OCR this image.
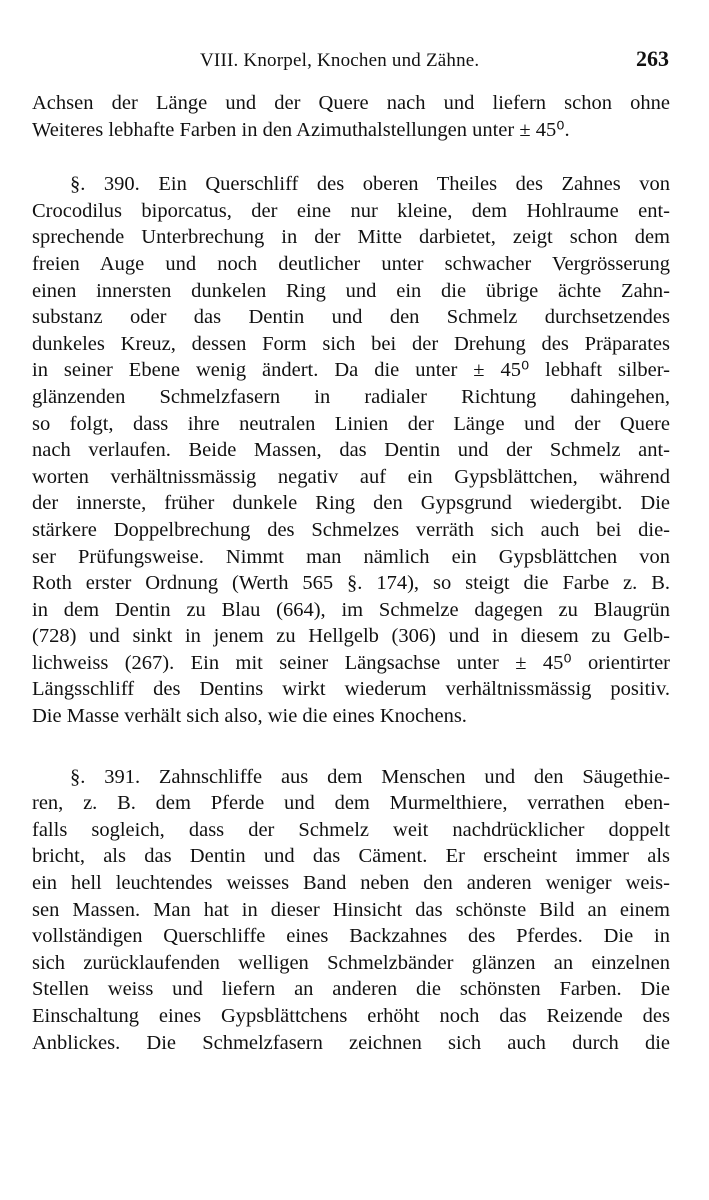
VIII. Knorpel, Knochen und Zähne.	263
Achsen der Länge und der Quere nach und liefern schon ohne
Weiteres lebhafte Farben in den Azimuthalstellungen unter ± 45⁰.
§. 390. Ein Querschliff des oberen Theiles des Zahnes von
Crocodilus biporcatus, der eine nur kleine, dem Hohlraume ent-
sprechende Unterbrechung in der Mitte darbietet, zeigt schon dem
freien Auge und noch deutlicher unter schwacher Vergrösserung
einen innersten dunkelen Ring und ein die übrige ächte Zahn-
substanz oder das Dentin und den Schmelz durchsetzendes
dunkeles Kreuz, dessen Form sich bei der Drehung des Präparates
in seiner Ebene wenig ändert. Da die unter ± 45⁰ lebhaft silber-
glänzenden Schmelzfasern in radialer Richtung dahingehen,
so folgt, dass ihre neutralen Linien der Länge und der Quere
nach verlaufen. Beide Massen, das Dentin und der Schmelz ant-
worten verhältnissmässig negativ auf ein Gypsblättchen, während
der innerste, früher dunkele Ring den Gypsgrund wiedergibt. Die
stärkere Doppelbrechung des Schmelzes verräth sich auch bei die-
ser Prüfungsweise. Nimmt man nämlich ein Gypsblättchen von
Roth erster Ordnung (Werth 565 §. 174), so steigt die Farbe z. B.
in dem Dentin zu Blau (664), im Schmelze dagegen zu Blaugrün
(728) und sinkt in jenem zu Hellgelb (306) und in diesem zu Gelb-
lichweiss (267). Ein mit seiner Längsachse unter ± 45⁰ orientirter
Längsschliff des Dentins wirkt wiederum verhältnissmässig positiv.
Die Masse verhält sich also, wie die eines Knochens.
§. 391. Zahnschliffe aus dem Menschen und den Säugethie-
ren, z. B. dem Pferde und dem Murmelthiere, verrathen eben-
falls sogleich, dass der Schmelz weit nachdrücklicher doppelt
bricht, als das Dentin und das Cäment. Er erscheint immer als
ein hell leuchtendes weisses Band neben den anderen weniger weis-
sen Massen. Man hat in dieser Hinsicht das schönste Bild an einem
vollständigen Querschliffe eines Backzahnes des Pferdes. Die in
sich zurücklaufenden welligen Schmelzbänder glänzen an einzelnen
Stellen weiss und liefern an anderen die schönsten Farben. Die
Einschaltung eines Gypsblättchens erhöht noch das Reizende des
Anblickes. Die Schmelzfasern zeichnen sich auch durch die
